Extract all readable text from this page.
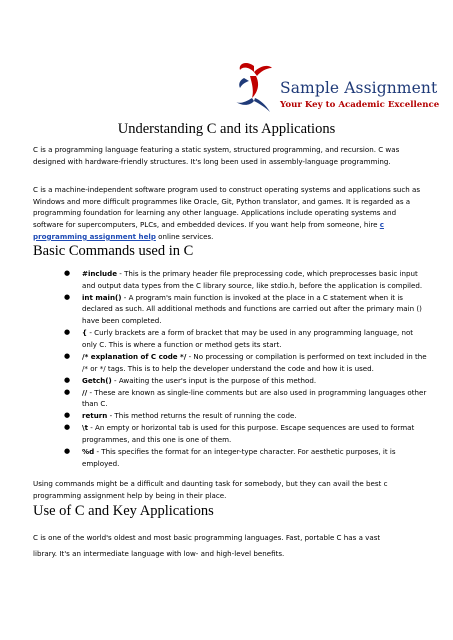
Sample Assignment
Your Key to Academic Excellence
Understanding C and its Applications

C is a programming language featuring a static system, structured programming, and recursion. C was designed with hardware-friendly structures. It's long been used in assembly-language programming.

C is a machine-independent software program used to construct operating systems and applications such as Windows and more difficult programmes like Oracle, Git, Python translator, and games. It is regarded as a programming foundation for learning any other language. Applications include operating systems and software for supercomputers, PLCs, and embedded devices. If you want help from someone, hire c programming assignment help online services.

Basic Commands used in C
● #include - This is the primary header file preprocessing code, which preprocesses basic input and output data types from the C library source, like stdio.h, before the application is compiled.
● int main() - A program's main function is invoked at the place in a C statement when it is declared as such. All additional methods and functions are carried out after the primary main () have been completed.
● { - Curly brackets are a form of bracket that may be used in any programming language, not only C. This is where a function or method gets its start.
● /* explanation of C code */ - No processing or compilation is performed on text included in the /* or */ tags. This is to help the developer understand the code and how it is used.
● Getch() - Awaiting the user's input is the purpose of this method.
● // - These are known as single-line comments but are also used in programming languages other than C.
● return - This method returns the result of running the code.
● \t - An empty or horizontal tab is used for this purpose. Escape sequences are used to format programmes, and this one is one of them.
● %d - This specifies the format for an integer-type character. For aesthetic purposes, it is employed.

Using commands might be a difficult and daunting task for somebody, but they can avail the best c programming assignment help by being in their place.

Use of C and Key Applications

C is one of the world's oldest and most basic programming languages. Fast, portable C has a vast
library. It's an intermediate language with low- and high-level benefits.
